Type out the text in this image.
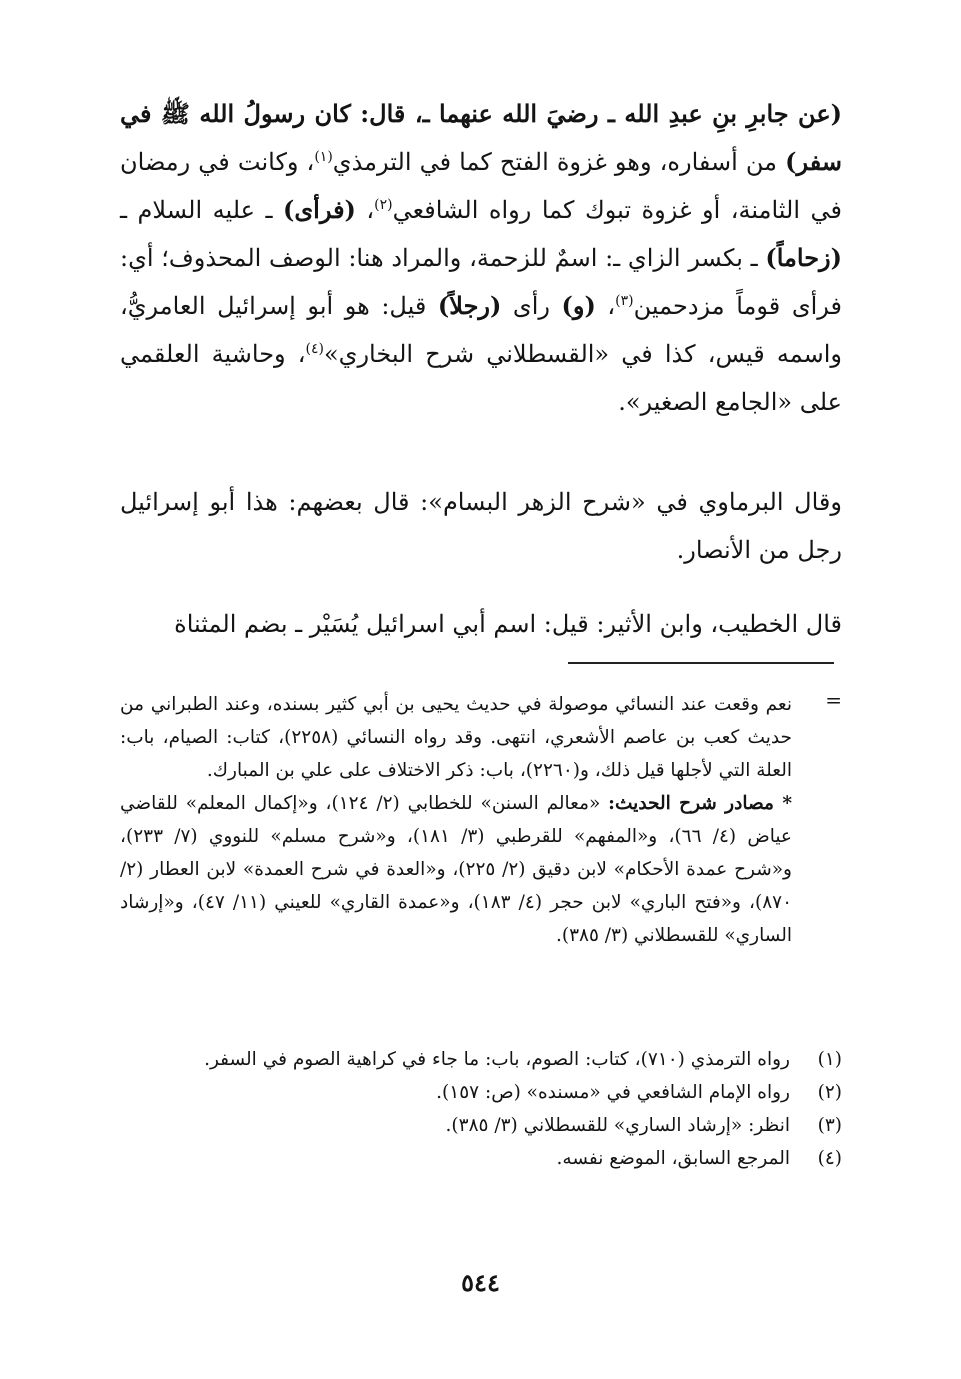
(عن جابرِ بنِ عبدِ الله ـ رضيَ الله عنهما ـ، قال: كان رسولُ الله ﷺ في سفر) من أسفاره، وهو غزوة الفتح كما في الترمذي$^{(١)}$، وكانت في رمضان في الثامنة، أو غزوة تبوك كما رواه الشافعي$^{(٢)}$، (فرأى) ـ عليه السلام ـ (زحاماً) ـ بكسر الزاي ـ: اسمٌ للزحمة، والمراد هنا: الوصف المحذوف؛ أي: فرأى قوماً مزدحمين$^{(٣)}$، (و) رأى (رجلاً) قيل: هو أبو إسرائيل العامريُّ، واسمه قيس، كذا في «القسطلاني شرح البخاري»$^{(٤)}$، وحاشية العلقمي على «الجامع الصغير».

وقال البرماوي في «شرح الزهر البسام»: قال بعضهم: هذا أبو إسرائيل رجل من الأنصار.

قال الخطيب، وابن الأثير: قيل: اسم أبي اسرائيل يُسَيْر ـ بضم المثناة

=

نعم وقعت عند النسائي موصولة في حديث يحيى بن أبي كثير بسنده، وعند الطبراني من حديث كعب بن عاصم الأشعري، انتهى. وقد رواه النسائي (٢٢٥٨)، كتاب: الصيام، باب: العلة التي لأجلها قيل ذلك، و(٢٢٦٠)، باب: ذكر الاختلاف على علي بن المبارك.

* مصادر شرح الحديث: «معالم السنن» للخطابي (٢/ ١٢٤)، و«إكمال المعلم» للقاضي عياض (٤/ ٦٦)، و«المفهم» للقرطبي (٣/ ١٨١)، و«شرح مسلم» للنووي (٧/ ٢٣٣)، و«شرح عمدة الأحكام» لابن دقيق (٢/ ٢٢٥)، و«العدة في شرح العمدة» لابن العطار (٢/ ٨٧٠)، و«فتح الباري» لابن حجر (٤/ ١٨٣)، و«عمدة القاري» للعيني (١١/ ٤٧)، و«إرشاد الساري» للقسطلاني (٣/ ٣٨٥).

(١)
رواه الترمذي (٧١٠)، كتاب: الصوم، باب: ما جاء في كراهية الصوم في السفر.
(٢)
رواه الإمام الشافعي في «مسنده» (ص: ١٥٧).
(٣)
انظر: «إرشاد الساري» للقسطلاني (٣/ ٣٨٥).
(٤)
المرجع السابق، الموضع نفسه.
٥٤٤
